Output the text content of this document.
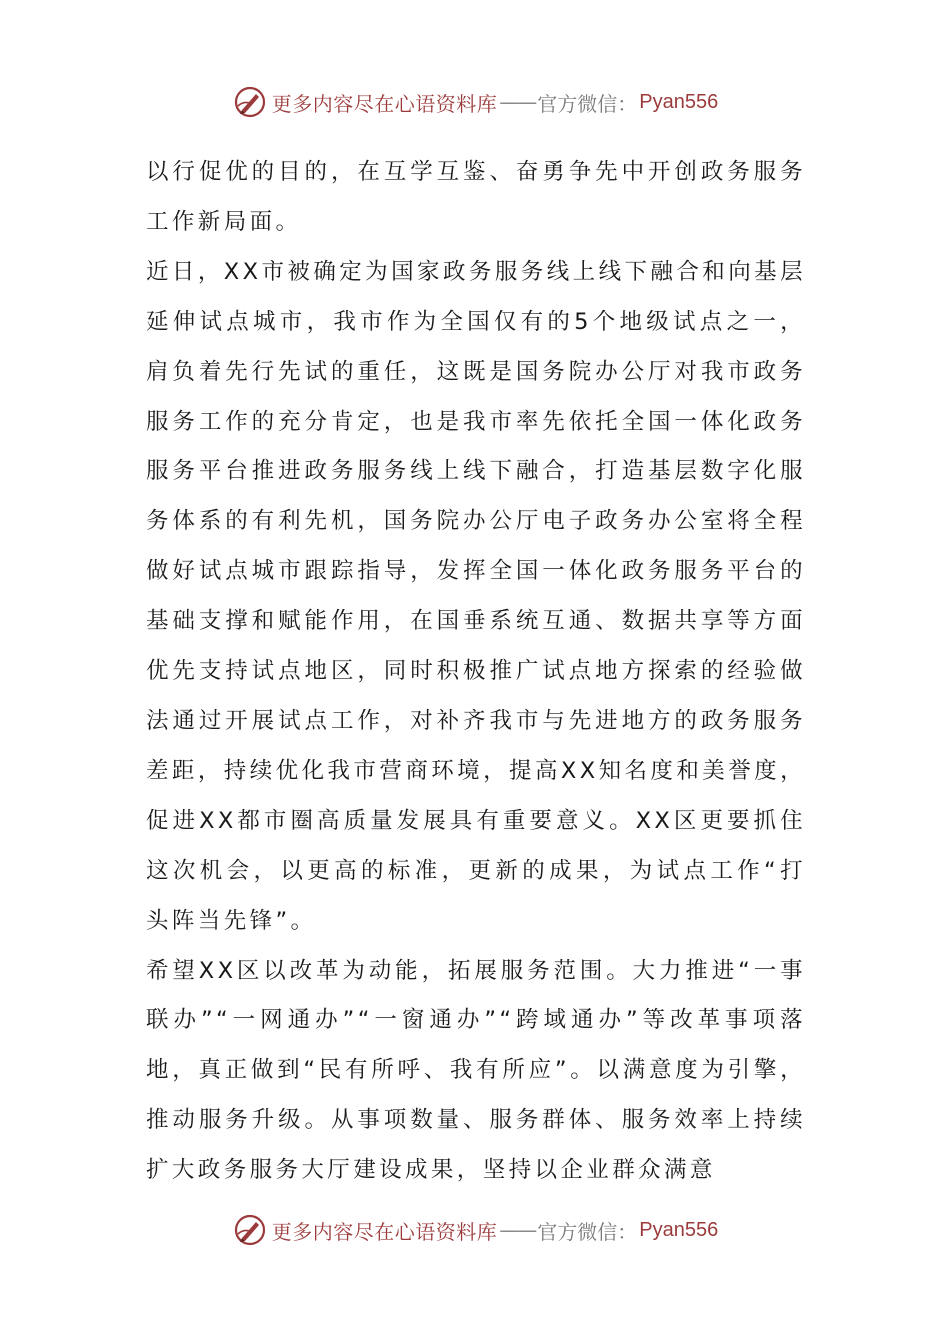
更多内容尽在心语资料库 —— 官方微信： Pyan556

以行促优的目的，在互学互鉴、奋勇争先中开创政务服务工作新局面。

近日，XX市被确定为国家政务服务线上线下融合和向基层延伸试点城市，我市作为全国仅有的5个地级试点之一，肩负着先行先试的重任，这既是国务院办公厅对我市政务服务工作的充分肯定，也是我市率先依托全国一体化政务服务平台推进政务服务线上线下融合，打造基层数字化服务体系的有利先机，国务院办公厅电子政务办公室将全程做好试点城市跟踪指导，发挥全国一体化政务服务平台的基础支撑和赋能作用，在国垂系统互通、数据共享等方面优先支持试点地区，同时积极推广试点地方探索的经验做法通过开展试点工作，对补齐我市与先进地方的政务服务差距，持续优化我市营商环境，提高XX知名度和美誉度，促进XX都市圈高质量发展具有重要意义。XX区更要抓住这次机会，以更高的标准，更新的成果，为试点工作“打头阵当先锋”。

希望XX区以改革为动能，拓展服务范围。大力推进“一事联办”“一网通办”“一窗通办”“跨域通办”等改革事项落地，真正做到“民有所呼、我有所应”。以满意度为引擎，推动服务升级。从事项数量、服务群体、服务效率上持续扩大政务服务大厅建设成果，坚持以企业群众满意

更多内容尽在心语资料库 —— 官方微信： Pyan556
